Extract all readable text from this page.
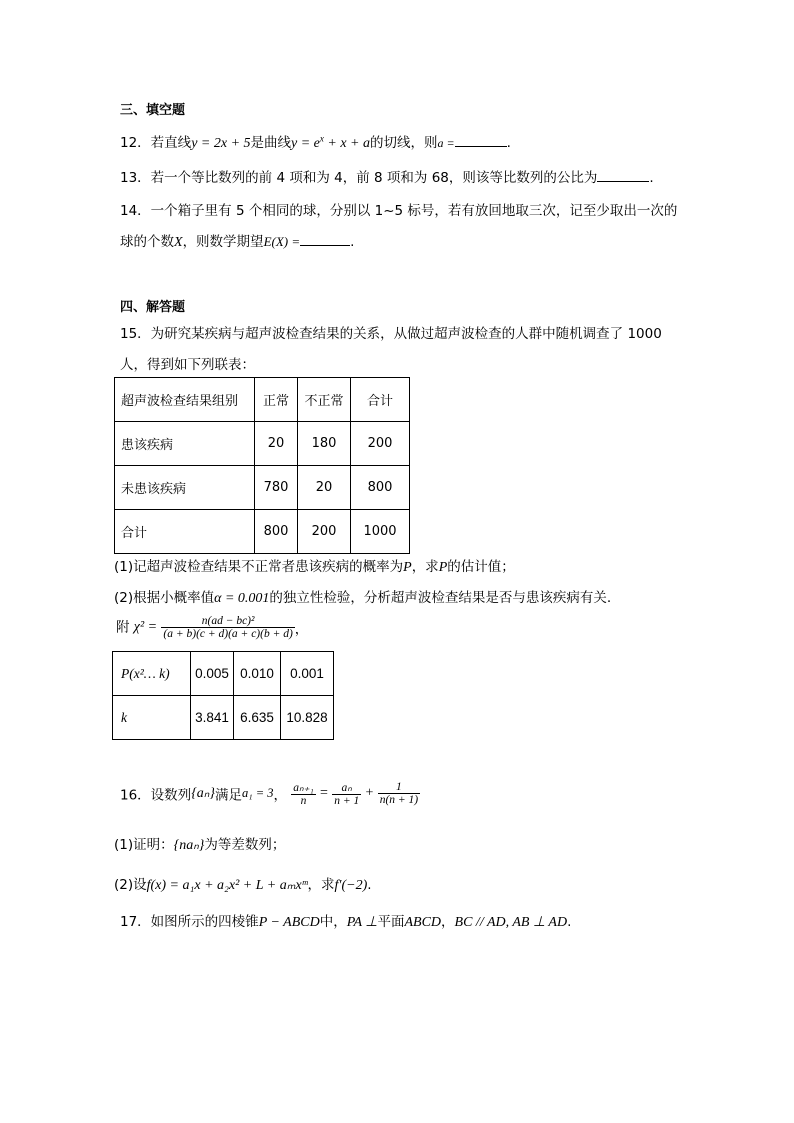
三、填空题
12．若直线y = 2x + 5是曲线$y = e^x + x + a$的切线，则a =	.
13．若一个等比数列的前 4 项和为 4，前 8 项和为 68，则该等比数列的公比为	.
14．一个箱子里有 5 个相同的球，分别以 1~5 标号，若有放回地取三次，记至少取出一次的
球的个数X，则数学期望E(X) =	.
四、解答题
15．为研究某疾病与超声波检查结果的关系，从做过超声波检查的人群中随机调查了 1000
人，得到如下列联表：
超声波检查结果组别	正常	不正常	合计
患该疾病	20	180	200
未患该疾病	780	20	800
合计	800	200	1000
(1)记超声波检查结果不正常者患该疾病的概率为P，求P的估计值；
(2)根据小概率值α = 0.001的独立性检验，分析超声波检查结果是否与患该疾病有关.
附 $\chi^2 = \frac{\text{n(ad − bc)²}}{(a + b)(c + d)(a + c)(b + d)}$ ，
P(x²… k)	0.005	0.010	0.001
k	3.841	6.635	10.828
16．设数列{aₙ}满足a₁ = 3， $\frac{\text{aₙ₊₁}}{n} = \frac{\text{aₙ}}{n + 1} + \frac{1}{n(n + 1)}$
(1)证明：{naₙ}为等差数列；
(2)设f(x) = a₁x + a₂x² + L + aₘxᵐ，求f′(−2).
17．如图所示的四棱锥P − ABCD中，PA ⊥平面ABCD，BC // AD, AB ⊥ AD.
